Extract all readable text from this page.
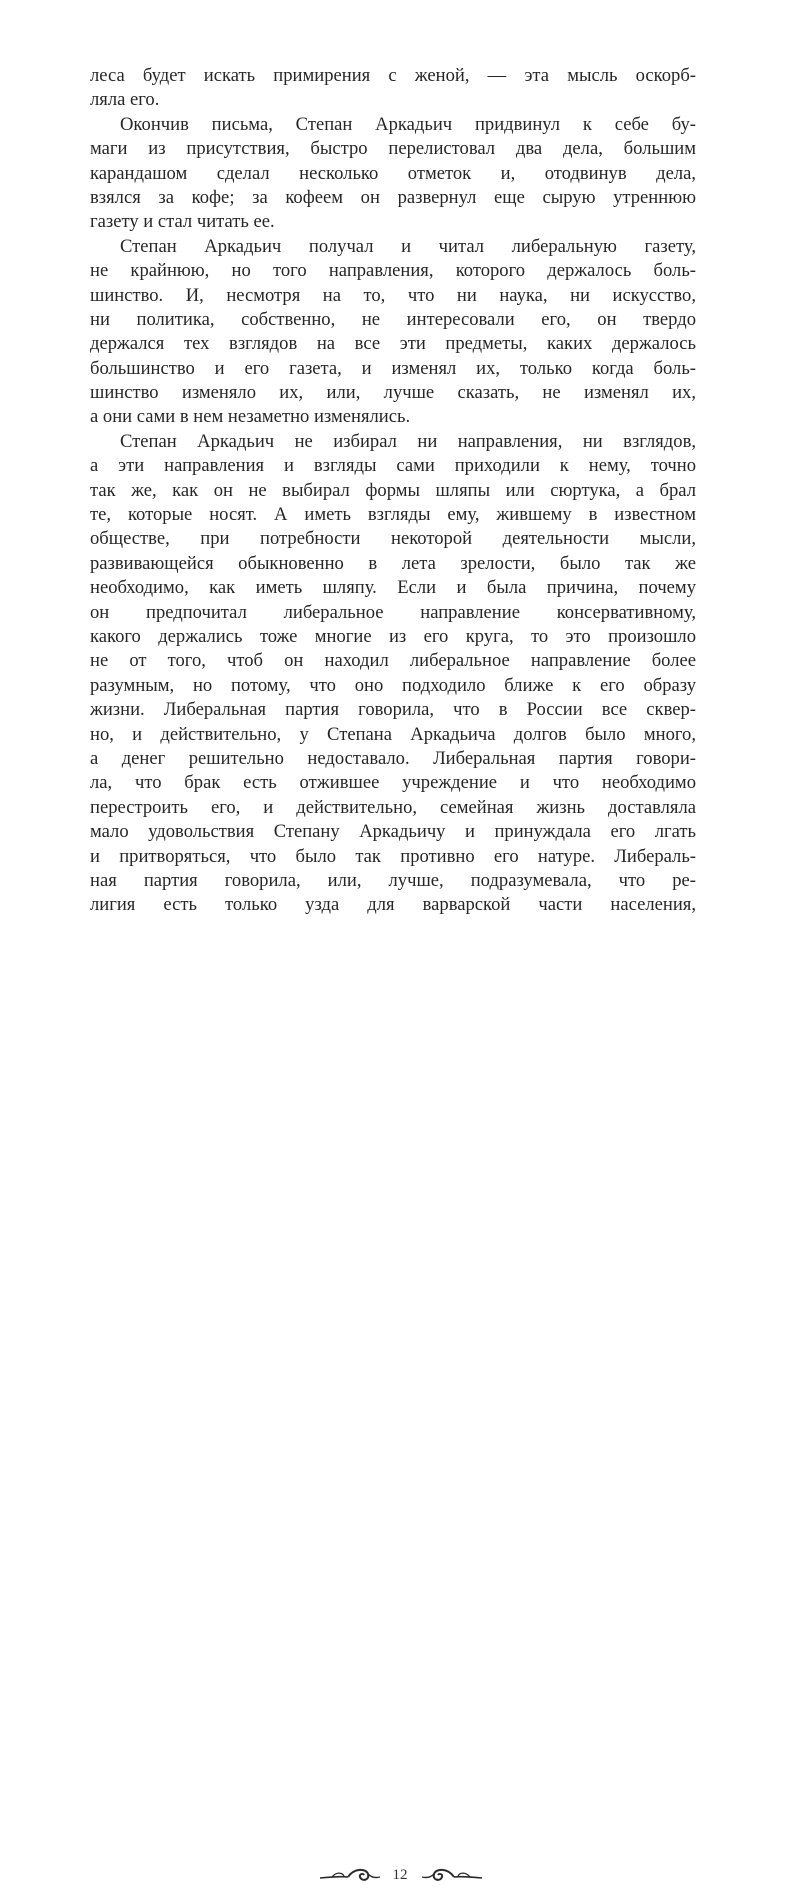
леса будет искать примирения с женой, — эта мысль оскорб-
ляла его.
Окончив письма, Степан Аркадьич придвинул к себе бу-
маги из присутствия, быстро перелистовал два дела, большим
карандашом сделал несколько отметок и, отодвинув дела,
взялся за кофе; за кофеем он развернул еще сырую утреннюю
газету и стал читать ее.
Степан Аркадьич получал и читал либеральную газету,
не крайнюю, но того направления, которого держалось боль-
шинство. И, несмотря на то, что ни наука, ни искусство,
ни политика, собственно, не интересовали его, он твердо
держался тех взглядов на все эти предметы, каких держалось
большинство и его газета, и изменял их, только когда боль-
шинство изменяло их, или, лучше сказать, не изменял их,
а они сами в нем незаметно изменялись.
Степан Аркадьич не избирал ни направления, ни взглядов,
а эти направления и взгляды сами приходили к нему, точно
так же, как он не выбирал формы шляпы или сюртука, а брал
те, которые носят. А иметь взгляды ему, жившему в известном
обществе, при потребности некоторой деятельности мысли,
развивающейся обыкновенно в лета зрелости, было так же
необходимо, как иметь шляпу. Если и была причина, почему
он предпочитал либеральное направление консервативному,
какого держались тоже многие из его круга, то это произошло
не от того, чтоб он находил либеральное направление более
разумным, но потому, что оно подходило ближе к его образу
жизни. Либеральная партия говорила, что в России все сквер-
но, и действительно, у Степана Аркадьича долгов было много,
а денег решительно недоставало. Либеральная партия говори-
ла, что брак есть отжившее учреждение и что необходимо
перестроить его, и действительно, семейная жизнь доставляла
мало удовольствия Степану Аркадьичу и принуждала его лгать
и притворяться, что было так противно его натуре. Либераль-
ная партия говорила, или, лучше, подразумевала, что ре-
лигия есть только узда для варварской части населения,
12
